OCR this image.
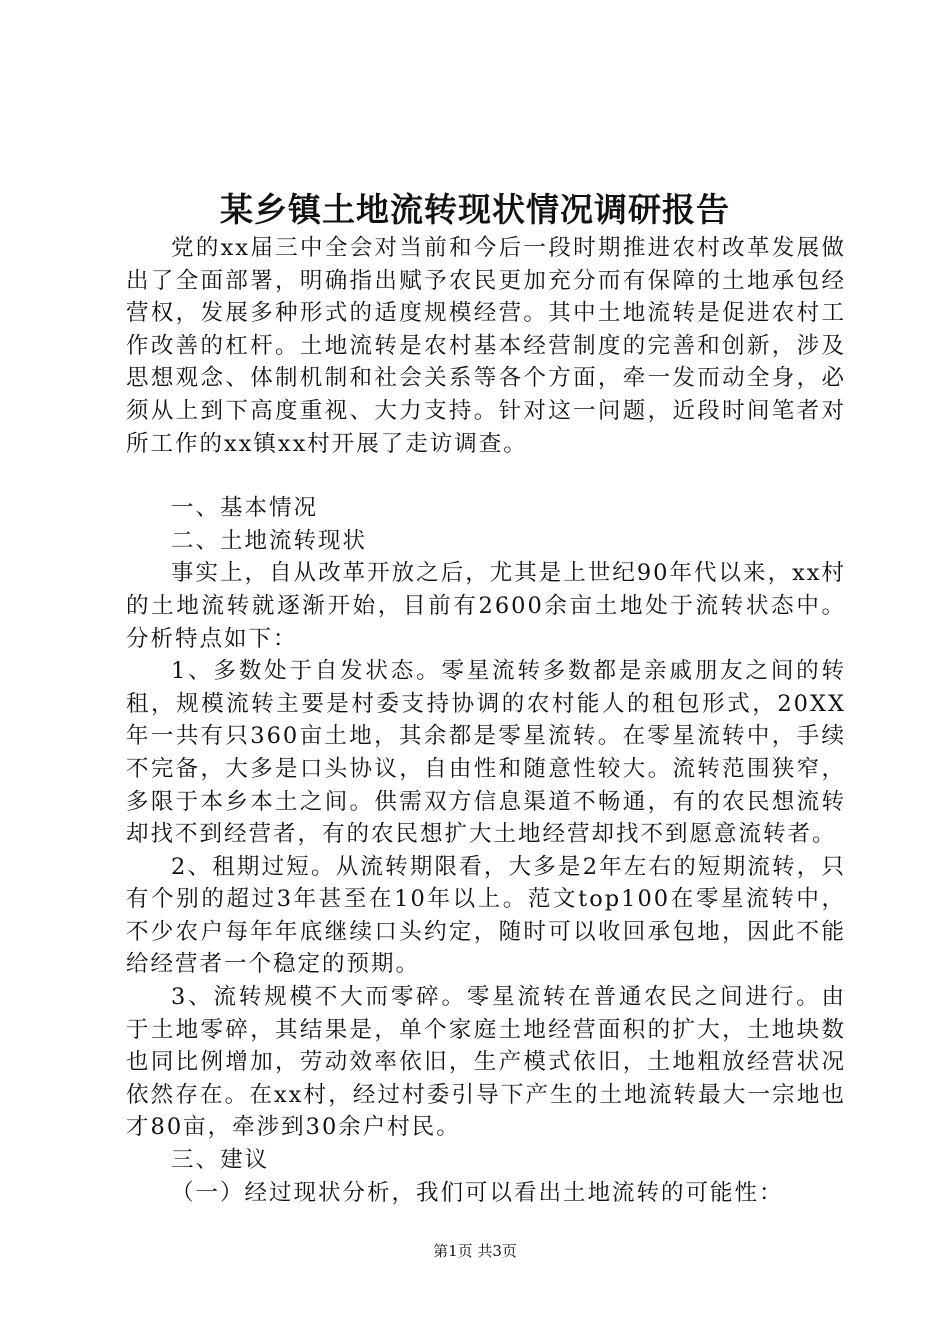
某乡镇土地流转现状情况调研报告

党的xx届三中全会对当前和今后一段时期推进农村改革发展做出了全面部署，明确指出赋予农民更加充分而有保障的土地承包经营权，发展多种形式的适度规模经营。其中土地流转是促进农村工作改善的杠杆。土地流转是农村基本经营制度的完善和创新，涉及思想观念、体制机制和社会关系等各个方面，牵一发而动全身，必须从上到下高度重视、大力支持。针对这一问题，近段时间笔者对所工作的xx镇xx村开展了走访调查。

一、基本情况

二、土地流转现状

事实上，自从改革开放之后，尤其是上世纪90年代以来，xx村的土地流转就逐渐开始，目前有2600余亩土地处于流转状态中。分析特点如下：

1、多数处于自发状态。零星流转多数都是亲戚朋友之间的转租，规模流转主要是村委支持协调的农村能人的租包形式，20XX年一共有只360亩土地，其余都是零星流转。在零星流转中，手续不完备，大多是口头协议，自由性和随意性较大。流转范围狭窄，多限于本乡本土之间。供需双方信息渠道不畅通，有的农民想流转却找不到经营者，有的农民想扩大土地经营却找不到愿意流转者。

2、租期过短。从流转期限看，大多是2年左右的短期流转，只有个别的超过3年甚至在10年以上。范文top100在零星流转中，不少农户每年年底继续口头约定，随时可以收回承包地，因此不能给经营者一个稳定的预期。

3、流转规模不大而零碎。零星流转在普通农民之间进行。由于土地零碎，其结果是，单个家庭土地经营面积的扩大，土地块数也同比例增加，劳动效率依旧，生产模式依旧，土地粗放经营状况依然存在。在xx村，经过村委引导下产生的土地流转最大一宗地也才80亩，牵涉到30余户村民。

三、建议

（一）经过现状分析，我们可以看出土地流转的可能性：

第1页 共3页
